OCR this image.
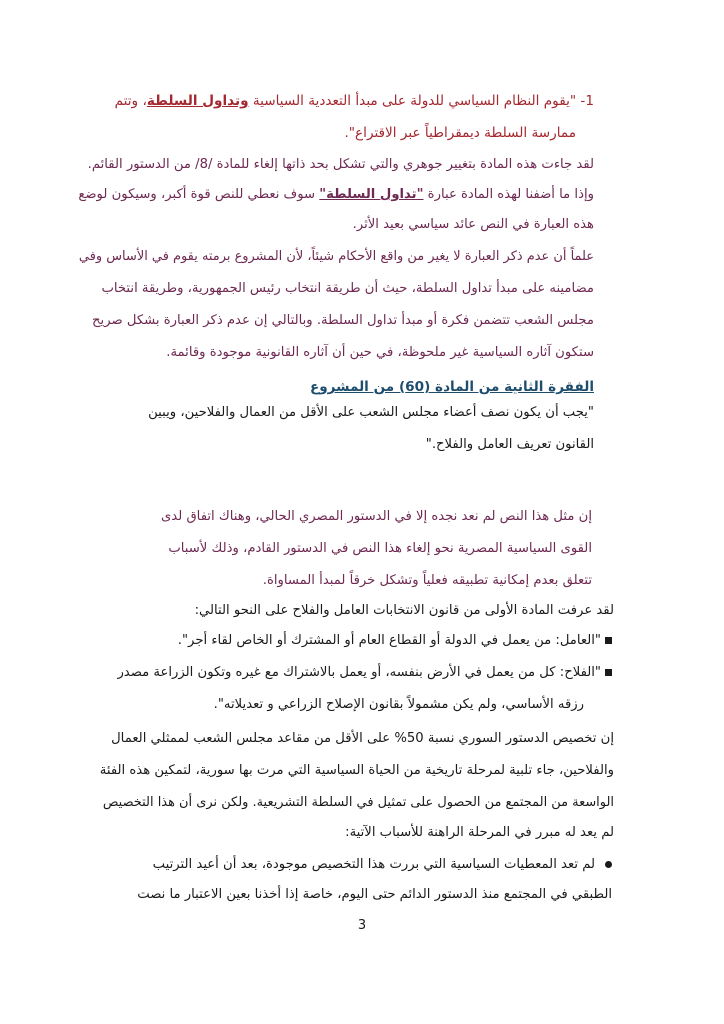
1- "يقوم النظام السياسي للدولة على مبدأ التعددية السياسية وتداول السلطة، وتتم
ممارسة السلطة ديمقراطياً عبر الاقتراع".
لقد جاءت هذه المادة بتغيير جوهري والتي تشكل بحد ذاتها إلغاء للمادة /8/ من الدستور القائم.
وإذا ما أضفنا لهذه المادة عبارة "تداول السلطة" سوف نعطي للنص قوة أكبر، وسيكون لوضع
هذه العبارة في النص عائد سياسي بعيد الأثر.
علماً أن عدم ذكر العبارة لا يغير من واقع الأحكام شيئاً، لأن المشروع برمته يقوم في الأساس وفي
مضامينه على مبدأ تداول السلطة، حيث أن طريقة انتخاب رئيس الجمهورية، وطريقة انتخاب
مجلس الشعب تتضمن فكرة أو مبدأ تداول السلطة. وبالتالي إن عدم ذكر العبارة بشكل صريح
ستكون آثاره السياسية غير ملحوظة، في حين أن آثاره القانونية موجودة وقائمة.
الفقرة الثانية من المادة (60) من المشروع
"يجب أن يكون نصف أعضاء مجلس الشعب على الأقل من العمال والفلاحين، ويبين
القانون تعريف العامل والفلاح."
إن مثل هذا النص لم نعد نجده إلا في الدستور المصري الحالي، وهناك اتفاق لدى
القوى السياسية المصرية نحو إلغاء هذا النص في الدستور القادم، وذلك لأسباب
تتعلق بعدم إمكانية تطبيقه فعلياً وتشكل خرقاً لمبدأ المساواة.
لقد عرفت المادة الأولى من قانون الانتخابات العامل والفلاح على النحو التالي:
"العامل: من يعمل في الدولة أو القطاع العام أو المشترك أو الخاص لقاء أجر".
"الفلاح: كل من يعمل في الأرض بنفسه، أو يعمل بالاشتراك مع غيره وتكون الزراعة مصدر
رزقه الأساسي، ولم يكن مشمولاً بقانون الإصلاح الزراعي و تعديلاته".
إن تخصيص الدستور السوري نسبة 50% على الأقل من مقاعد مجلس الشعب لممثلي العمال
والفلاحين، جاء تلبية لمرحلة تاريخية من الحياة السياسية التي مرت بها سورية، لتمكين هذه الفئة
الواسعة من المجتمع من الحصول على تمثيل في السلطة التشريعية. ولكن نرى أن هذا التخصيص
لم يعد له مبرر في المرحلة الراهنة للأسباب الآتية:
لم تعد المعطيات السياسية التي بررت هذا التخصيص موجودة، بعد أن أعيد الترتيب
الطبقي في المجتمع منذ الدستور الدائم حتى اليوم، خاصة إذا أخذنا بعين الاعتبار ما نصت
3
